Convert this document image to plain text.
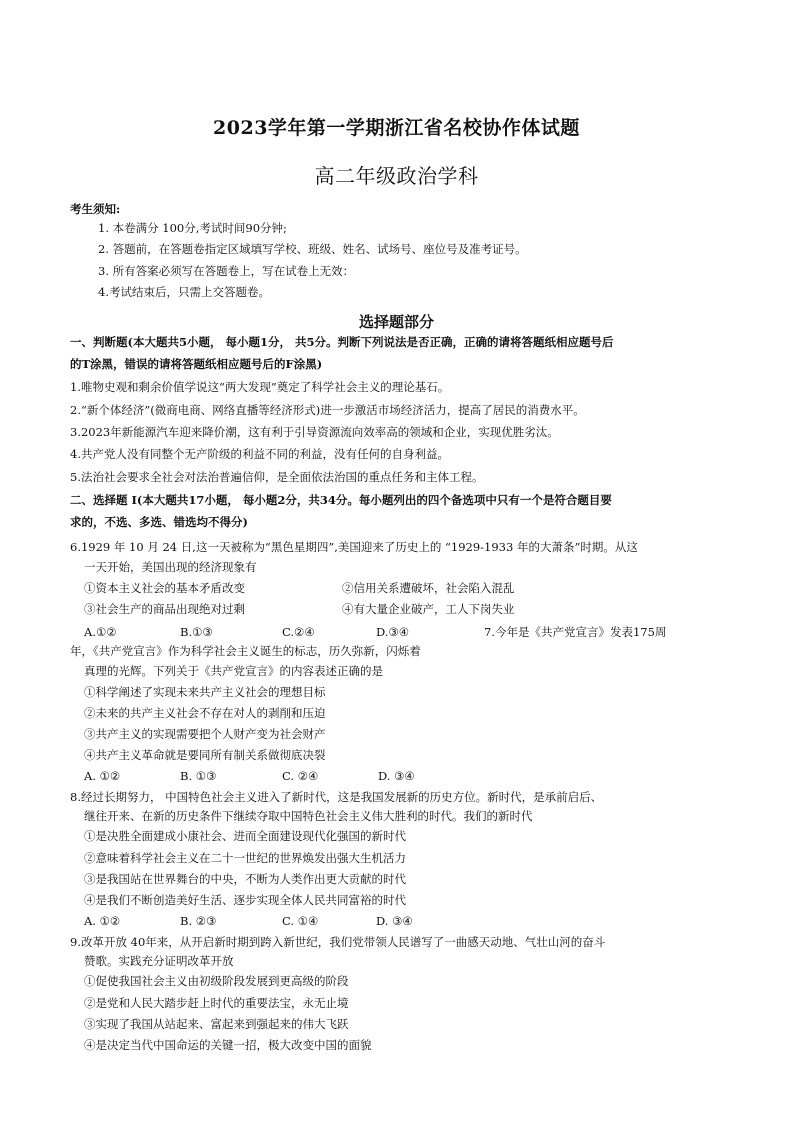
2023学年第一学期浙江省名校协作体试题
高二年级政治学科
考生须知:
1. 本卷满分 100分,考试时间90分钟;
2. 答题前，在答题卷指定区域填写学校、班级、姓名、试场号、座位号及准考证号。
3. 所有答案必须写在答题卷上，写在试卷上无效：
4.考试结束后，只需上交答题卷。
选择题部分
一、判断题(本大题共5小题， 每小题1分， 共5分。判断下列说法是否正确，正确的请将答题纸相应题号后
的T涂黑，错误的请将答题纸相应题号后的F涂黑)
1.唯物史观和剩余价值学说这“两大发现”奠定了科学社会主义的理论基石。
2.“新个体经济”(微商电商、网络直播等经济形式)进一步激活市场经济活力，提高了居民的消费水平。
3.2023年新能源汽车迎来降价潮，这有利于引导资源流向效率高的领域和企业，实现优胜劣汰。
4.共产党人没有同整个无产阶级的利益不同的利益，没有任何的自身利益。
5.法治社会要求全社会对法治普遍信仰，是全面依法治国的重点任务和主体工程。
二、选择题 Ⅰ(本大题共17小题， 每小题2分，共34分。每小题列出的四个备选项中只有一个是符合题目要
求的，不选、多选、错选均不得分)
6.1929 年 10 月 24 日,这一天被称为“黑色星期四”,美国迎来了历史上的 “1929-1933 年的大萧条”时期。从这
一天开始，美国出现的经济现象有
①资本主义社会的基本矛盾改变	②信用关系遭破坏，社会陷入混乱
③社会生产的商品出现绝对过剩	④有大量企业破产，工人下岗失业
A.①②	B.①③	C.②④	D.③④	7.今年是《共产党宣言》发表175周
年，《共产党宣言》作为科学社会主义诞生的标志，历久弥新，闪烁着
真理的光辉。下列关于《共产党宣言》的内容表述正确的是
①科学阐述了实现未来共产主义社会的理想目标
②未来的共产主义社会不存在对人的剥削和压迫
③共产主义的实现需要把个人财产变为社会财产
④共产主义革命就是要同所有制关系做彻底决裂
A. ①②	B. ①③	C. ②④	D. ③④
8.经过长期努力， 中国特色社会主义进入了新时代，这是我国发展新的历史方位。新时代，是承前启后、
继往开来、在新的历史条件下继续夺取中国特色社会主义伟大胜利的时代。我们的新时代
①是决胜全面建成小康社会、进而全面建设现代化强国的新时代
②意味着科学社会主义在二十一世纪的世界焕发出强大生机活力
③是我国站在世界舞台的中央，不断为人类作出更大贡献的时代
④是我们不断创造美好生活、逐步实现全体人民共同富裕的时代
A. ①②	B. ②③	C. ①④	D. ③④
9.改革开放 40年来，从开启新时期到跨入新世纪，我们党带领人民谱写了一曲感天动地、气壮山河的奋斗
赞歌。实践充分证明改革开放
①促使我国社会主义由初级阶段发展到更高级的阶段
②是党和人民大踏步赶上时代的重要法宝，永无止境
③实现了我国从站起来、富起来到强起来的伟大飞跃
④是决定当代中国命运的关键一招，极大改变中国的面貌
